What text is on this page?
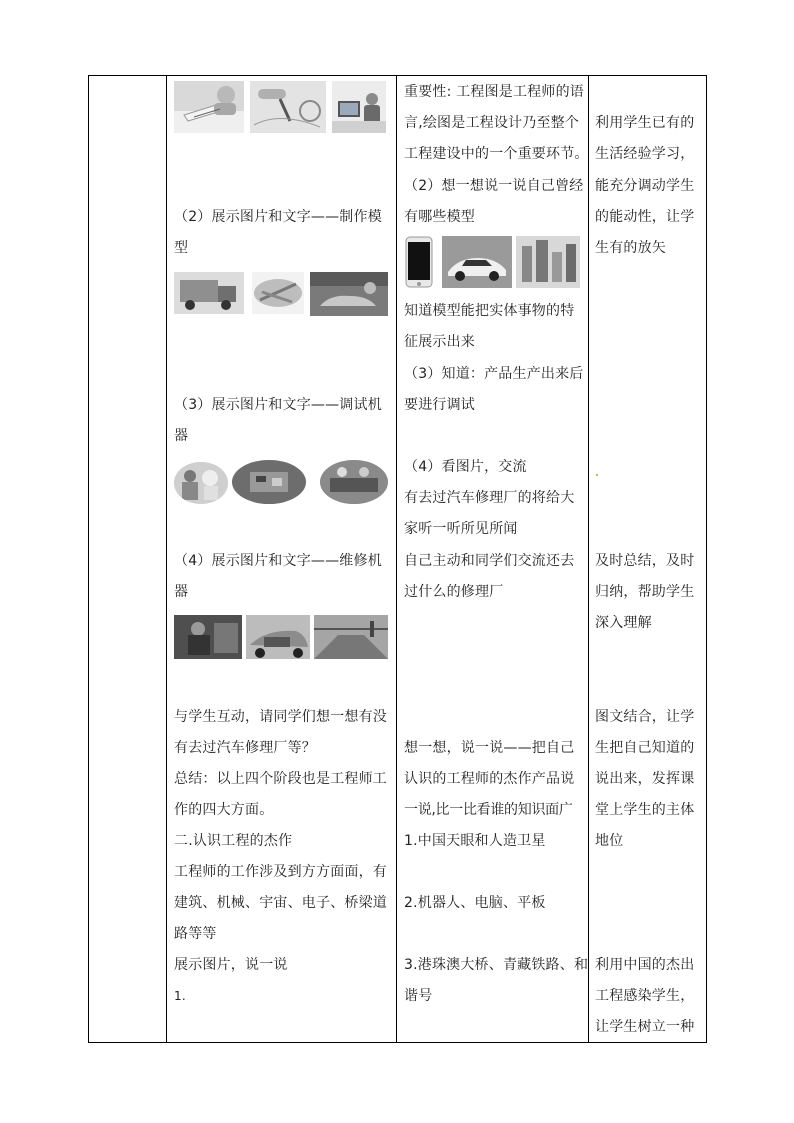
（2）展示图片和文字——制作模
型
（3）展示图片和文字——调试机
器
（4）展示图片和文字——维修机
器
与学生互动，请同学们想一想有没
有去过汽车修理厂等？
总结：以上四个阶段也是工程师工
作的四大方面。
二.认识工程的杰作
工程师的工作涉及到方方面面，有
建筑、机械、宇宙、电子、桥梁道
路等等
展示图片，说一说
1.
重要性: 工程图是工程师的语
言,绘图是工程设计乃至整个
工程建设中的一个重要环节。
（2）想一想说一说自己曾经
有哪些模型
知道模型能把实体事物的特
征展示出来
（3）知道：产品生产出来后
要进行调试
（4）看图片，交流
有去过汽车修理厂的将给大
家听一听所见所闻
自己主动和同学们交流还去
过什么的修理厂
想一想，说一说——把自己
认识的工程师的杰作产品说
一说,比一比看谁的知识面广
1.中国天眼和人造卫星
2.机器人、电脑、平板
3.港珠澳大桥、青藏铁路、和
谐号
利用学生已有的
生活经验学习，
能充分调动学生
的能动性，让学
生有的放矢
及时总结，及时
归纳，帮助学生
深入理解
图文结合，让学
生把自己知道的
说出来，发挥课
堂上学生的主体
地位
利用中国的杰出
工程感染学生，
让学生树立一种
